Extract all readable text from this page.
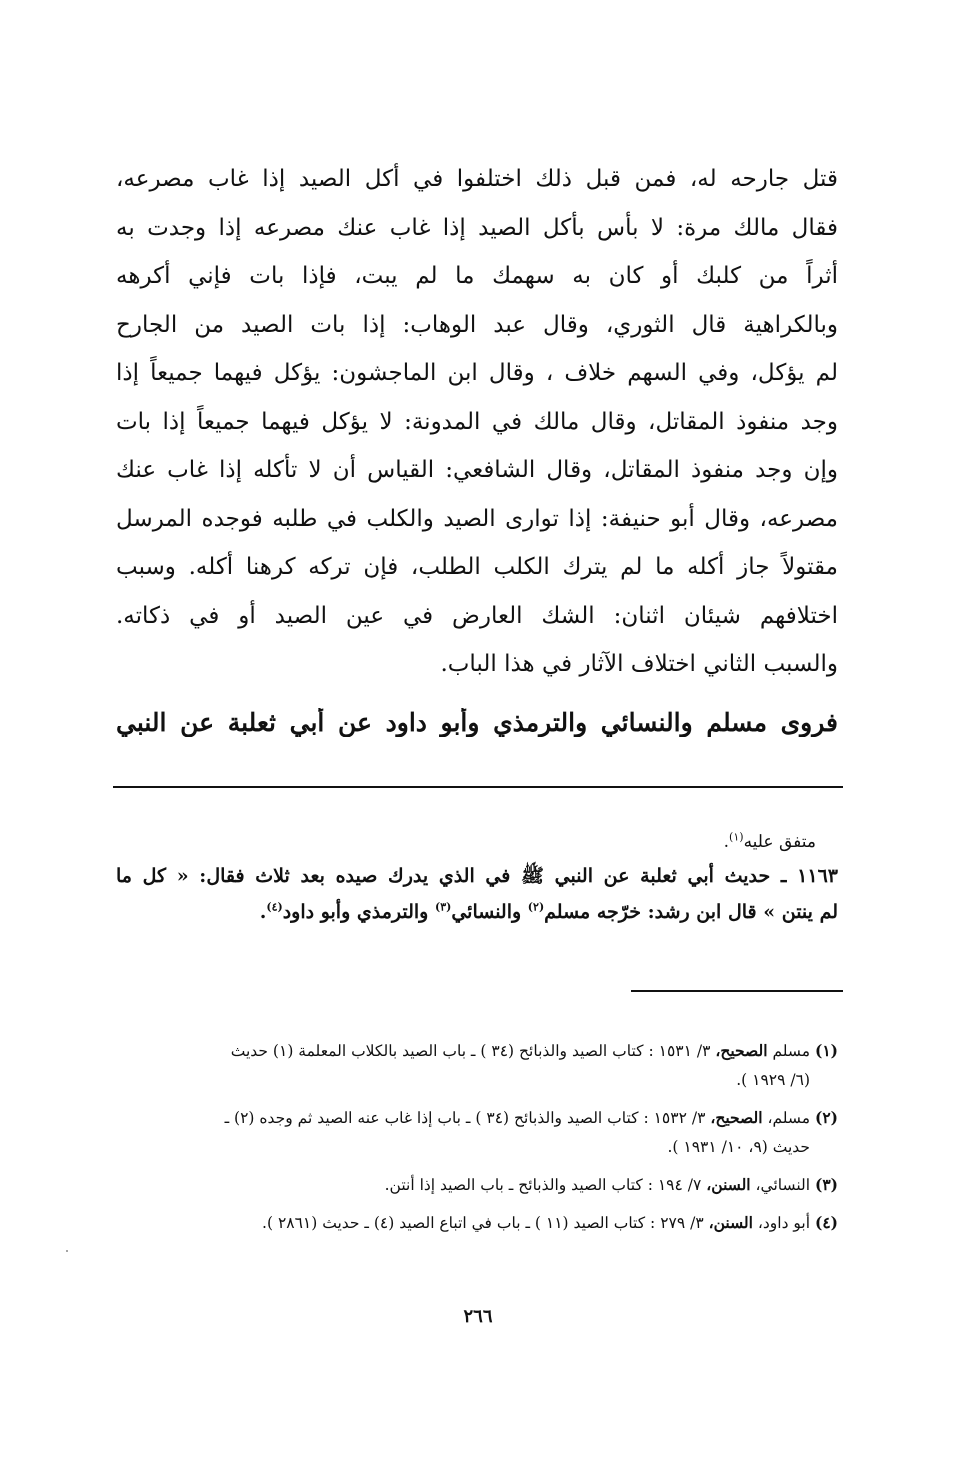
قتل جارحه له، فمن قبل ذلك اختلفوا في أكل الصيد إذا غاب مصرعه،
فقال مالك مرة: لا بأس بأكل الصيد إذا غاب عنك مصرعه إذا وجدت به
أثراً من كلبك أو كان به سهمك ما لم يبت، فإذا بات فإني أكرهه
وبالكراهية قال الثوري، وقال عبد الوهاب: إذا بات الصيد من الجارح
لم يؤكل، وفي السهم خلاف ، وقال ابن الماجشون: يؤكل فيهما جميعاً إذا
وجد منفوذ المقاتل، وقال مالك في المدونة: لا يؤكل فيهما جميعاً إذا بات
وإن وجد منفوذ المقاتل، وقال الشافعي: القياس أن لا تأكله إذا غاب عنك
مصرعه، وقال أبو حنيفة: إذا توارى الصيد والكلب في طلبه فوجده المرسل
مقتولاً جاز أكله ما لم يترك الكلب الطلب، فإن تركه كرهنا أكله. وسبب
اختلافهم شيئان اثنان: الشك العارض في عين الصيد أو في ذكاته.
والسبب الثاني اختلاف الآثار في هذا الباب.
فروى مسلم والنسائي والترمذي وأبو داود عن أبي ثعلبة عن النبي
متفق عليه$^{(١)}$.
١١٦٣ ـ حديث أبي ثعلبة عن النبي ﷺ في الذي يدرك صيده بعد ثلاث فقال: « كل ما
لم ينتن » قال ابن رشد: خرّجه مسلم$^{(٢)}$ والنسائي$^{(٣)}$ والترمذي وأبو داود$^{(٤)}$.
(١) مسلم الصحيح، ٣/ ١٥٣١ : كتاب الصيد والذبائح (٣٤ ) ـ باب الصيد بالكلاب المعلمة (١) حديث
(٦/ ١٩٢٩ ).
(٢) مسلم، الصحيح، ٣/ ١٥٣٢ : كتاب الصيد والذبائح (٣٤ ) ـ باب إذا غاب عنه الصيد ثم وجده (٢) ـ
حديث (٩، ١٠/ ١٩٣١ ).
(٣) النسائي، السنن، ٧/ ١٩٤ : كتاب الصيد والذبائح ـ باب الصيد إذا أنتن.
(٤) أبو داود، السنن، ٣/ ٢٧٩ : كتاب الصيد (١١ ) ـ باب في اتباع الصيد (٤) ـ حديث (٢٨٦١ ).
٢٦٦
